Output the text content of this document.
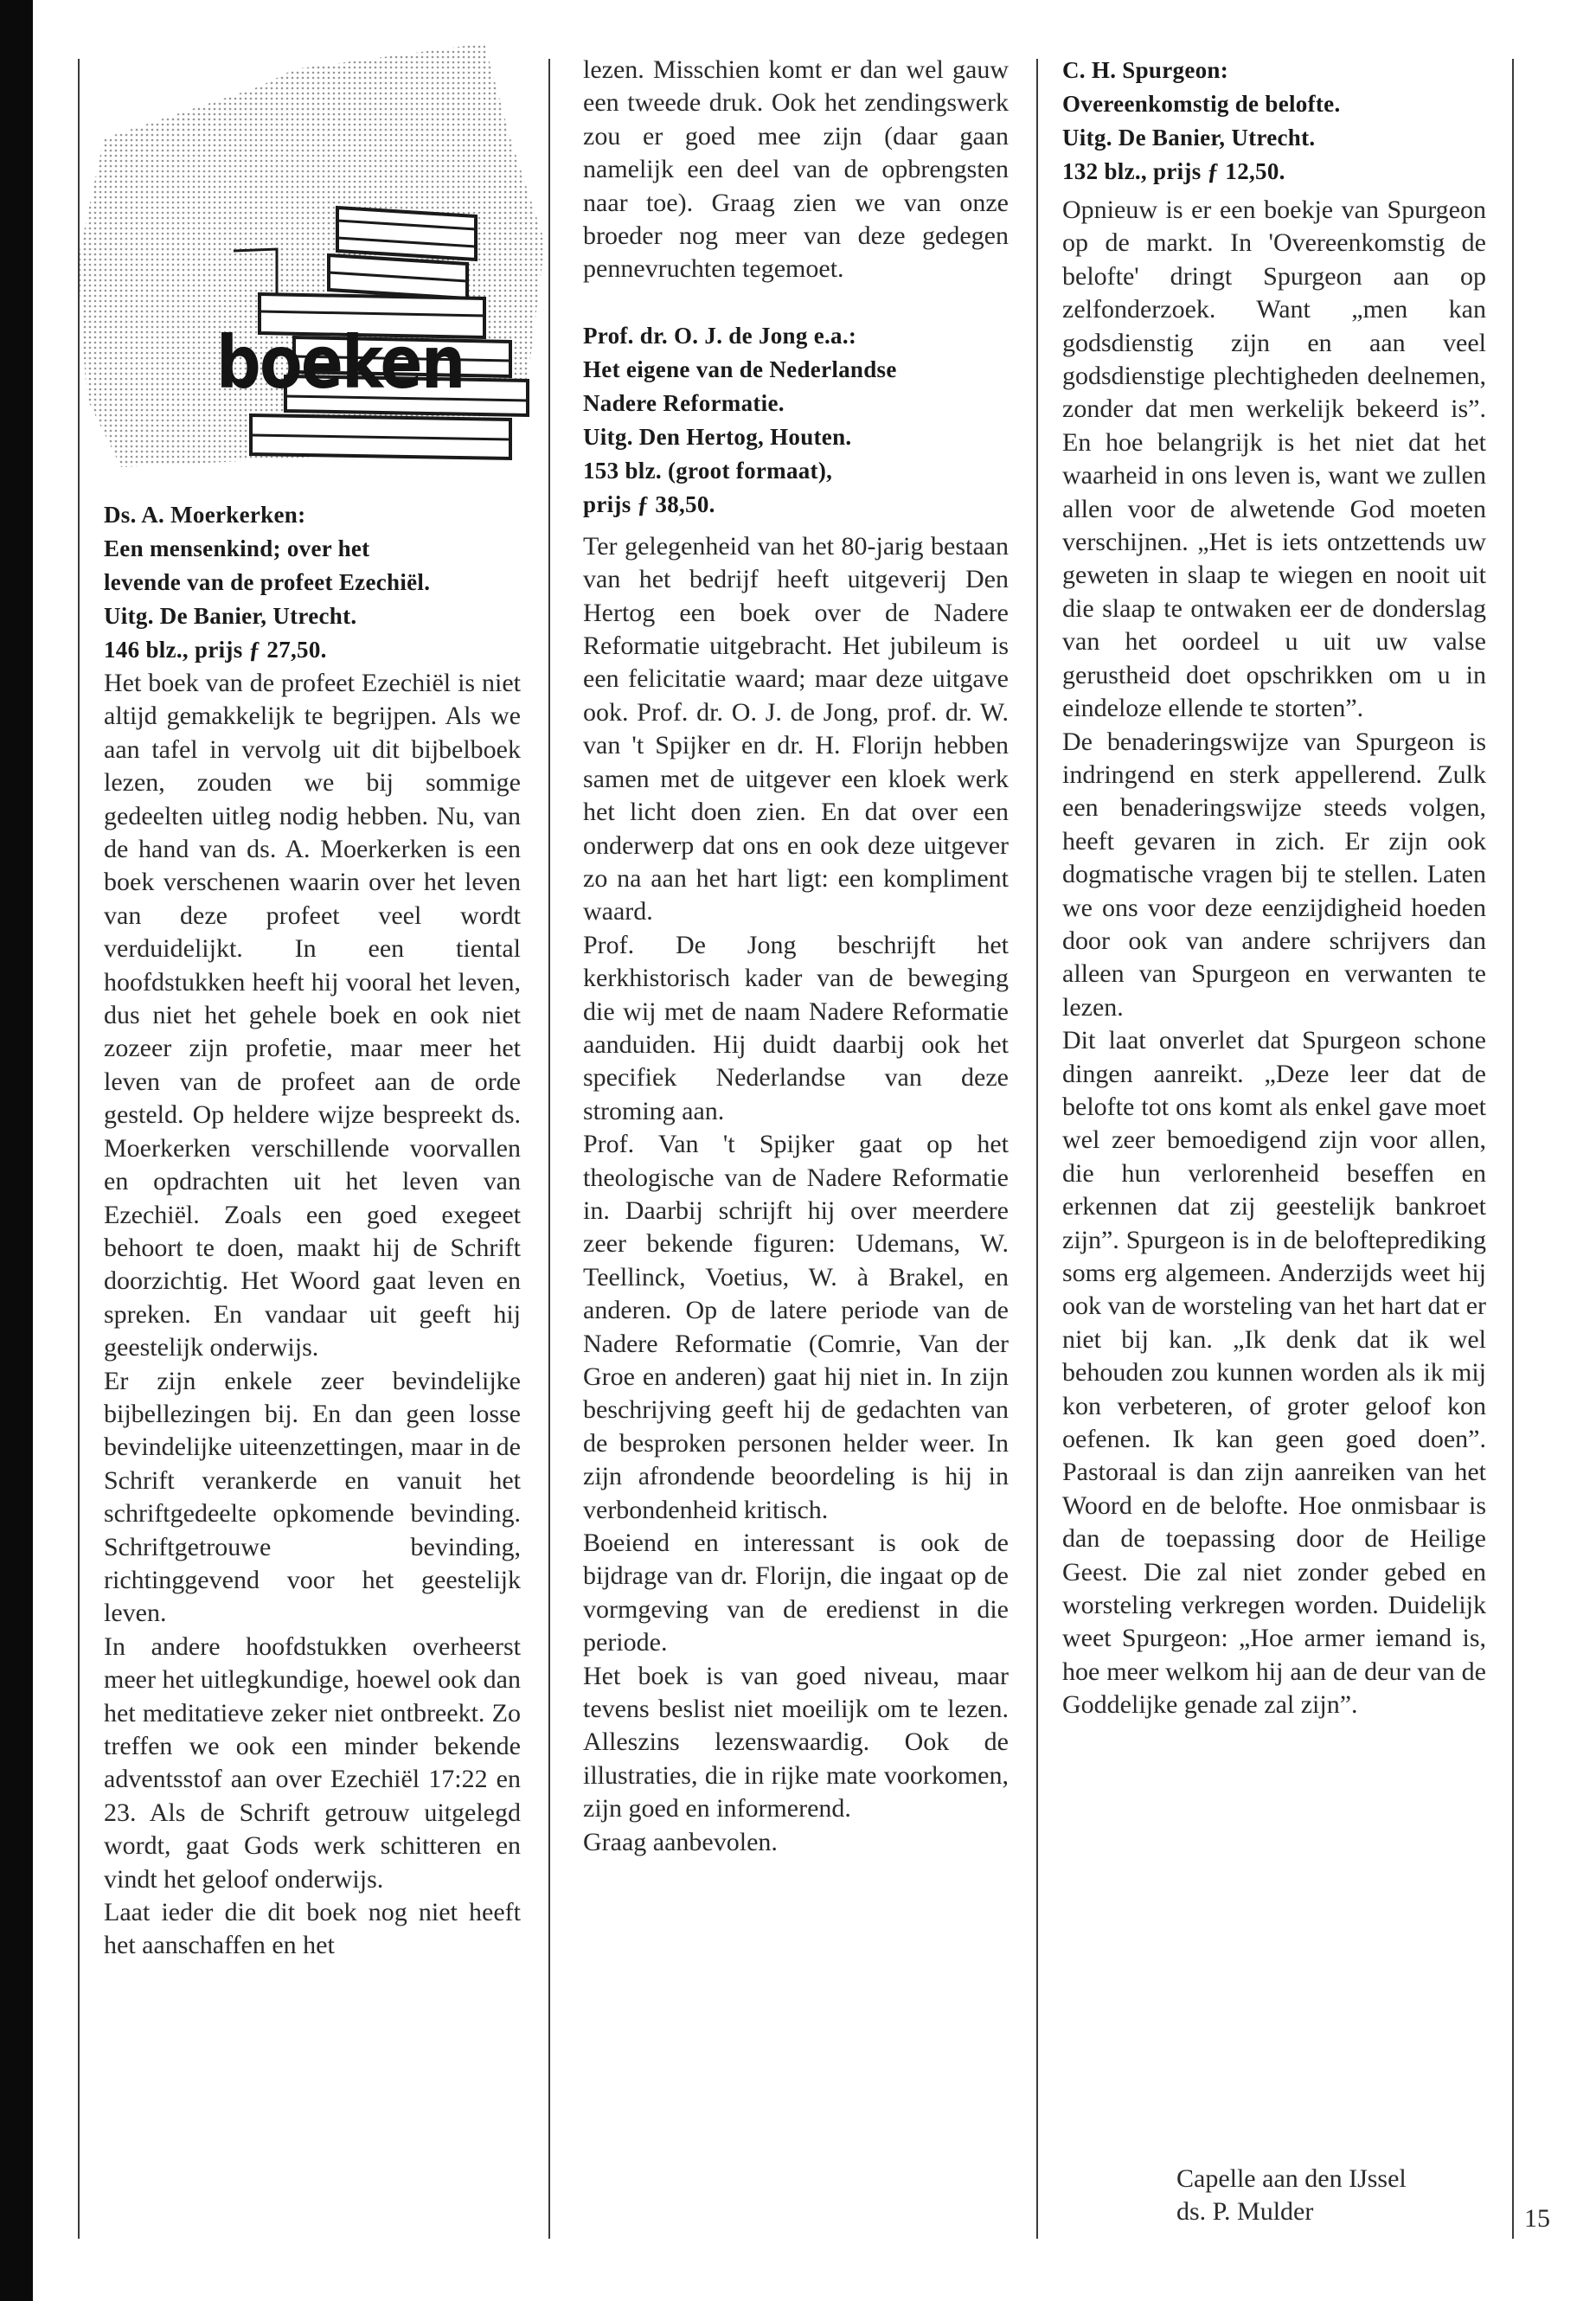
boeken

Ds. A. Moerkerken:

Een mensenkind; over het

levende van de profeet Ezechiël.

Uitg. De Banier, Utrecht.

146 blz., prijs ƒ 27,50.

Het boek van de profeet Ezechiël is niet altijd gemakkelijk te begrijpen. Als we aan tafel in vervolg uit dit bijbelboek lezen, zouden we bij sommige gedeelten uitleg nodig hebben. Nu, van de hand van ds. A. Moerkerken is een boek verschenen waarin over het leven van deze profeet veel wordt verduidelijkt. In een tiental hoofdstukken heeft hij vooral het leven, dus niet het gehele boek en ook niet zozeer zijn profetie, maar meer het leven van de profeet aan de orde gesteld. Op heldere wijze bespreekt ds. Moerkerken verschillende voorvallen en opdrachten uit het leven van Ezechiël. Zoals een goed exegeet behoort te doen, maakt hij de Schrift doorzichtig. Het Woord gaat leven en spreken. En vandaar uit geeft hij geestelijk onderwijs.

Er zijn enkele zeer bevindelijke bijbellezingen bij. En dan geen losse bevindelijke uiteenzettingen, maar in de Schrift verankerde en vanuit het schriftgedeelte opkomende bevinding. Schriftgetrouwe bevinding, richtinggevend voor het geestelijk leven.

In andere hoofdstukken overheerst meer het uitlegkundige, hoewel ook dan het meditatieve zeker niet ontbreekt. Zo treffen we ook een minder bekende adventsstof aan over Ezechiël 17:22 en 23. Als de Schrift getrouw uitgelegd wordt, gaat Gods werk schitteren en vindt het geloof onderwijs.

Laat ieder die dit boek nog niet heeft het aanschaffen en het

lezen. Misschien komt er dan wel gauw een tweede druk. Ook het zendingswerk zou er goed mee zijn (daar gaan namelijk een deel van de opbrengsten naar toe). Graag zien we van onze broeder nog meer van deze gedegen pennevruchten tegemoet.

Prof. dr. O. J. de Jong e.a.:

Het eigene van de Nederlandse

Nadere Reformatie.

Uitg. Den Hertog, Houten.

153 blz. (groot formaat),

prijs ƒ 38,50.

Ter gelegenheid van het 80-jarig bestaan van het bedrijf heeft uitgeverij Den Hertog een boek over de Nadere Reformatie uitgebracht. Het jubileum is een felicitatie waard; maar deze uitgave ook. Prof. dr. O. J. de Jong, prof. dr. W. van 't Spijker en dr. H. Florijn hebben samen met de uitgever een kloek werk het licht doen zien. En dat over een onderwerp dat ons en ook deze uitgever zo na aan het hart ligt: een kompliment waard.

Prof. De Jong beschrijft het kerkhistorisch kader van de beweging die wij met de naam Nadere Reformatie aanduiden. Hij duidt daarbij ook het specifiek Nederlandse van deze stroming aan.

Prof. Van 't Spijker gaat op het theologische van de Nadere Reformatie in. Daarbij schrijft hij over meerdere zeer bekende figuren: Udemans, W. Teellinck, Voetius, W. à Brakel, en anderen. Op de latere periode van de Nadere Reformatie (Comrie, Van der Groe en anderen) gaat hij niet in. In zijn beschrijving geeft hij de gedachten van de besproken personen helder weer. In zijn afrondende beoordeling is hij in verbondenheid kritisch.

Boeiend en interessant is ook de bijdrage van dr. Florijn, die ingaat op de vormgeving van de eredienst in die periode.

Het boek is van goed niveau, maar tevens beslist niet moeilijk om te lezen. Alleszins lezenswaardig. Ook de illustraties, die in rijke mate voorkomen, zijn goed en informerend.

Graag aanbevolen.

C. H. Spurgeon:

Overeenkomstig de belofte.

Uitg. De Banier, Utrecht.

132 blz., prijs ƒ 12,50.

Opnieuw is er een boekje van Spurgeon op de markt. In 'Overeenkomstig de belofte' dringt Spurgeon aan op zelfonderzoek. Want „men kan godsdienstig zijn en aan veel godsdienstige plechtigheden deelnemen, zonder dat men werkelijk bekeerd is”. En hoe belangrijk is het niet dat het waarheid in ons leven is, want we zullen allen voor de alwetende God moeten verschijnen. „Het is iets ontzettends uw geweten in slaap te wiegen en nooit uit die slaap te ontwaken eer de donderslag van het oordeel u uit uw valse gerustheid doet opschrikken om u in eindeloze ellende te storten”.

De benaderingswijze van Spurgeon is indringend en sterk appellerend. Zulk een benaderingswijze steeds volgen, heeft gevaren in zich. Er zijn ook dogmatische vragen bij te stellen. Laten we ons voor deze eenzijdigheid hoeden door ook van andere schrijvers dan alleen van Spurgeon en verwanten te lezen.

Dit laat onverlet dat Spurgeon schone dingen aanreikt. „Deze leer dat de belofte tot ons komt als enkel gave moet wel zeer bemoedigend zijn voor allen, die hun verlorenheid beseffen en erkennen dat zij geestelijk bankroet zijn”. Spurgeon is in de belofteprediking soms erg algemeen. Anderzijds weet hij ook van de worsteling van het hart dat er niet bij kan. „Ik denk dat ik wel behouden zou kunnen worden als ik mij kon verbeteren, of groter geloof kon oefenen. Ik kan geen goed doen”. Pastoraal is dan zijn aanreiken van het Woord en de belofte. Hoe onmisbaar is dan de toepassing door de Heilige Geest. Die zal niet zonder gebed en worsteling verkregen worden. Duidelijk weet Spurgeon: „Hoe armer iemand is, hoe meer welkom hij aan de deur van de Goddelijke genade zal zijn”.

Capelle aan den IJssel
ds. P. Mulder	15
